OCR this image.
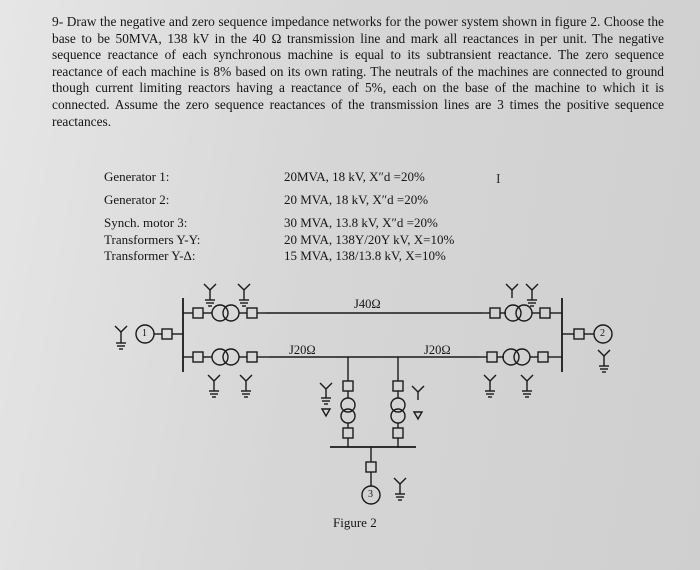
9- Draw the negative and zero sequence impedance networks for the power system shown in figure 2. Choose the base to be 50MVA, 138 kV in the 40 Ω transmission line and mark all reactances in per unit. The negative sequence reactance of each synchronous machine is equal to its subtransient reactance. The zero sequence reactance of each machine is 8% based on its own rating. The neutrals of the machines are connected to ground though current limiting reactors having a reactance of 5%, each on the base of the machine to which it is connected. Assume the zero sequence reactances of the transmission lines are 3 times the positive sequence reactances.

Generator 1:	20MVA, 18 kV, X″d =20%
Generator 2:	20 MVA, 18 kV, X″d =20%
Synch. motor 3:	30 MVA, 13.8 kV, X″d =20%
Transformers Y-Y:	20 MVA, 138Y/20Y kV, X=10%
Transformer Y-Δ:	15 MVA, 138/13.8 kV, X=10%
I
J40Ω
J20Ω	J20Ω
1	2
3
Figure 2
